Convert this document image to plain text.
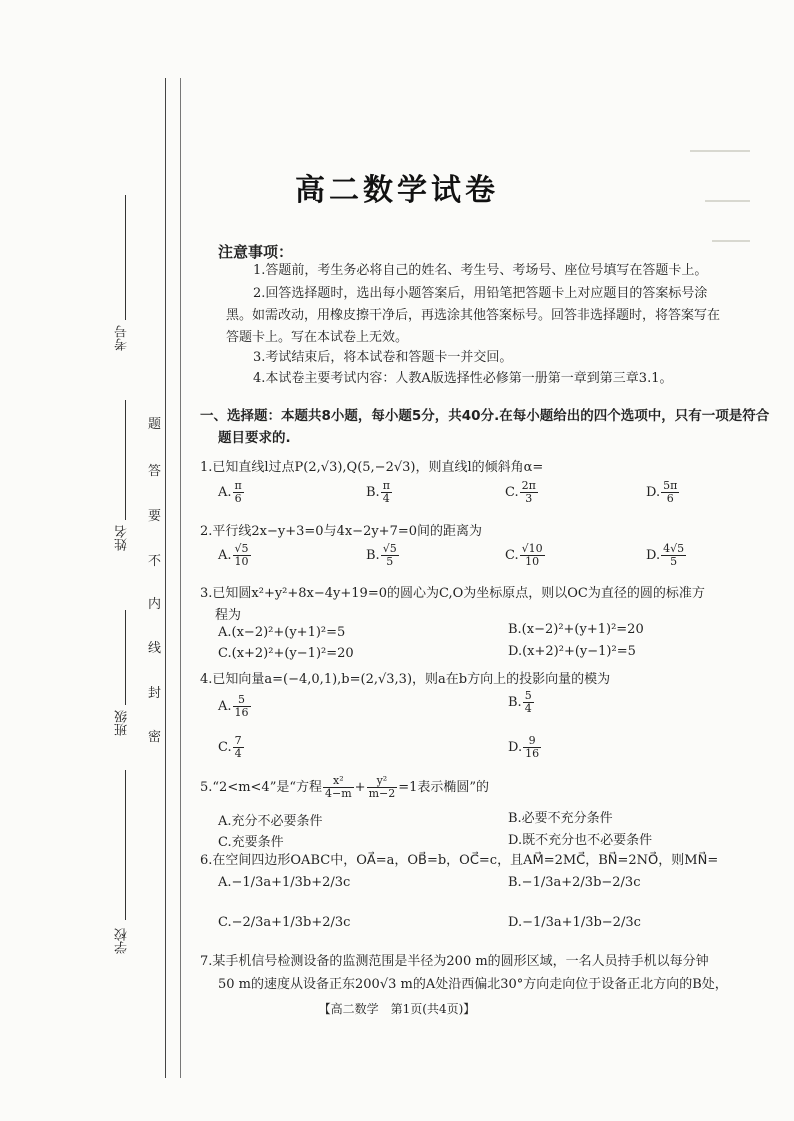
考号
姓名
班级
学校
题
答
要
不
内
线
封
密
高二数学试卷
注意事项：
1.答题前，考生务必将自己的姓名、考生号、考场号、座位号填写在答题卡上。
2.回答选择题时，选出每小题答案后，用铅笔把答题卡上对应题目的答案标号涂
黑。如需改动，用橡皮擦干净后，再选涂其他答案标号。回答非选择题时，将答案写在
答题卡上。写在本试卷上无效。
3.考试结束后，将本试卷和答题卡一并交回。
4.本试卷主要考试内容：人教A版选择性必修第一册第一章到第三章3.1。
一、选择题：本题共8小题，每小题5分，共40分.在每小题给出的四个选项中，只有一项是符合
题目要求的.
1.已知直线l过点P(2,√3),Q(5,−2√3)，则直线l的倾斜角α=
A. $\frac{\pi}{6}$	B. $\frac{\pi}{4}$	C. $\frac{2\pi}{3}$	D. $\frac{5\pi}{6}$
2.平行线2x−y+3=0与4x−2y+7=0间的距离为
A. $\frac{√5}{10}$	B. $\frac{√5}{5}$	C. $\frac{√10}{10}$	D. $\frac{4√5}{5}$
3.已知圆x²+y²+8x−4y+19=0的圆心为C,O为坐标原点，则以OC为直径的圆的标准方
程为
A.(x−2)²+(y+1)²=5	B.(x−2)²+(y+1)²=20
C.(x+2)²+(y−1)²=20	D.(x+2)²+(y−1)²=5
4.已知向量a=(−4,0,1),b=(2,√3,3)，则a在b方向上的投影向量的模为
A. $\frac{5}{16}$	B. $\frac{5}{4}$
C. $\frac{7}{4}$	D. $\frac{9}{16}$
5.“2<m<4”是“方程 $\frac{\text{x²}}{4-m} + \frac{\text{y²}}{m-2} =1$表示椭圆”的
A.充分不必要条件	B.必要不充分条件
C.充要条件	D.既不充分也不必要条件
6.在空间四边形OABC中，OA⃗=a，OB⃗=b，OC⃗=c，且AM⃗=2MC⃗，BN⃗=2NO⃗，则MN⃗=
A.−1/3a+1/3b+2/3c	B.−1/3a+2/3b−2/3c
C.−2/3a+1/3b+2/3c	D.−1/3a+1/3b−2/3c
7.某手机信号检测设备的监测范围是半径为200 m的圆形区域，一名人员持手机以每分钟
50 m的速度从设备正东200√3 m的A处沿西偏北30°方向走向位于设备正北方向的B处，
【高二数学　第1页(共4页)】
